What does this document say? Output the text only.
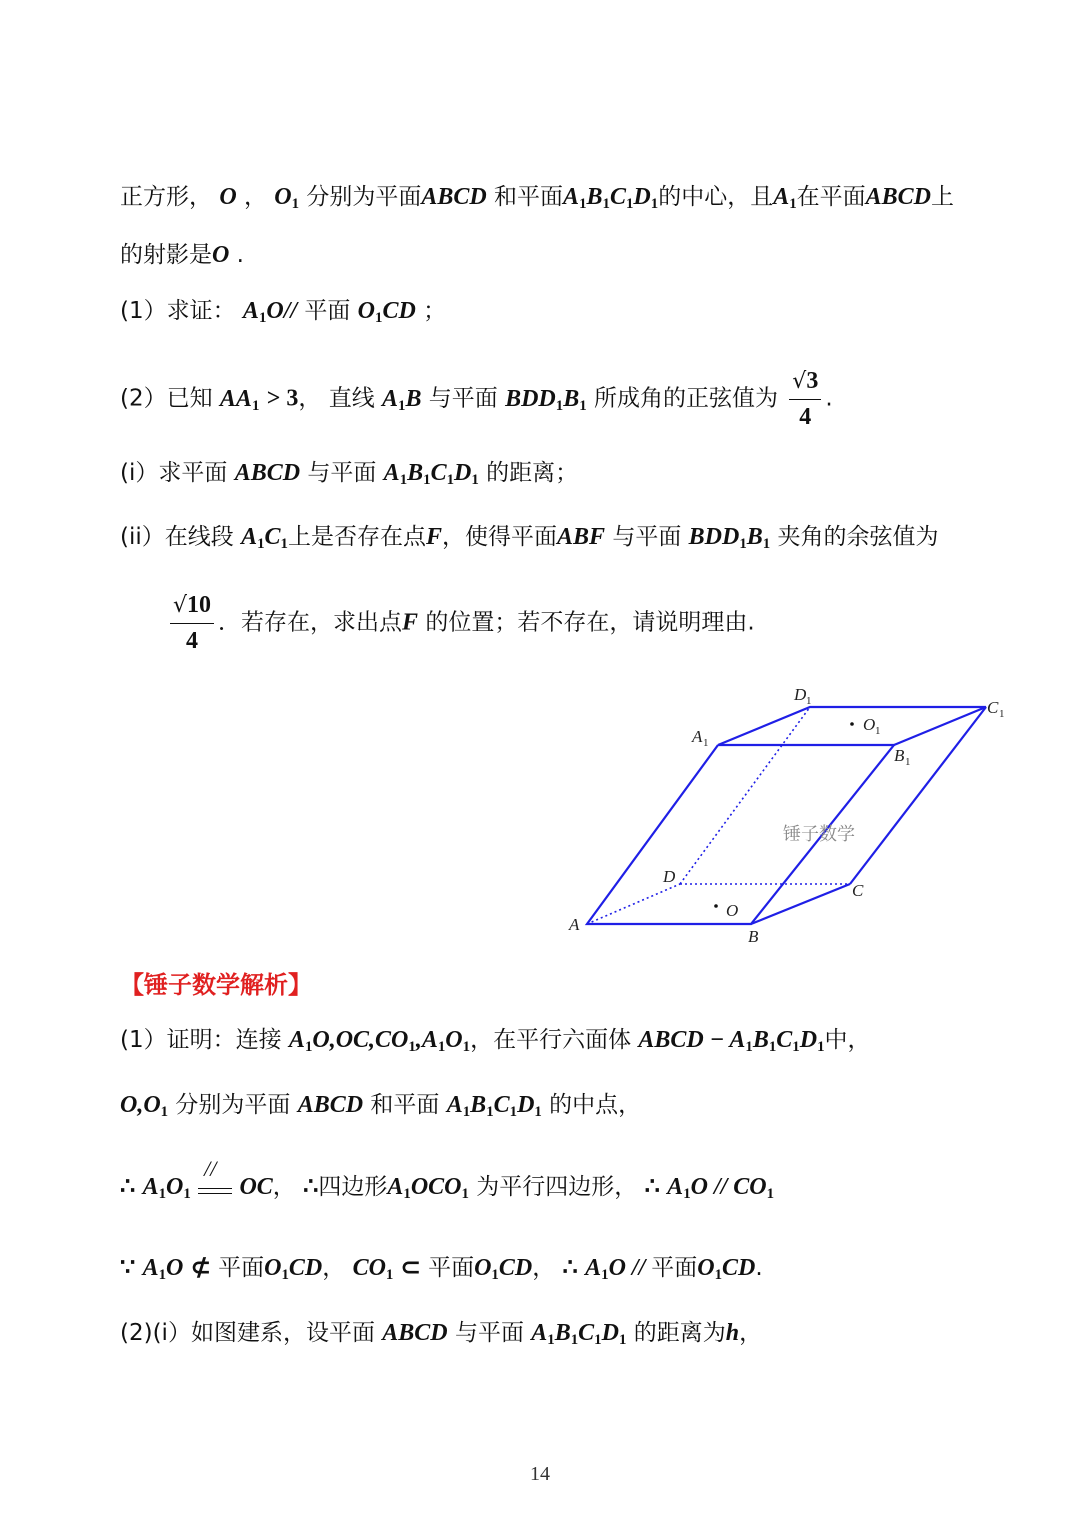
正方形， O ， O1 分别为平面ABCD 和平面A1B1C1D1的中心，且A1在平面ABCD上
的射影是O .
(1）求证： A1O// 平面 O1CD ；
(2）已知 AA1 > 3， 直线 A1B 与平面 BDD1B1 所成角的正弦值为 $\frac{√3}{4}$ .
(i）求平面 ABCD 与平面 A1B1C1D1 的距离；
(ii）在线段 A1C1上是否存在点F，使得平面ABF 与平面 BDD1B1 夹角的余弦值为
$\frac{√10}{4}$ ．若存在，求出点F 的位置；若不存在，请说明理由.
A
B
C
D
O
A 1
D 1	C 1
B 1
O 1
锤子数学
【锤子数学解析】
(1）证明：连接 A1O,OC,CO1,A1O1，在平行六面体 ABCD − A1B1C1D1中，
O,O1 分别为平面 ABCD 和平面 A1B1C1D1 的中点，
∴ A1O1
//
OC， ∴四边形A1OCO1 为平行四边形， ∴ A1O // CO1
∵ A1O ⊄ 平面O1CD， CO1 ⊂ 平面O1CD， ∴ A1O // 平面O1CD.
(2)(i）如图建系，设平面 ABCD 与平面 A1B1C1D1 的距离为h，
14
